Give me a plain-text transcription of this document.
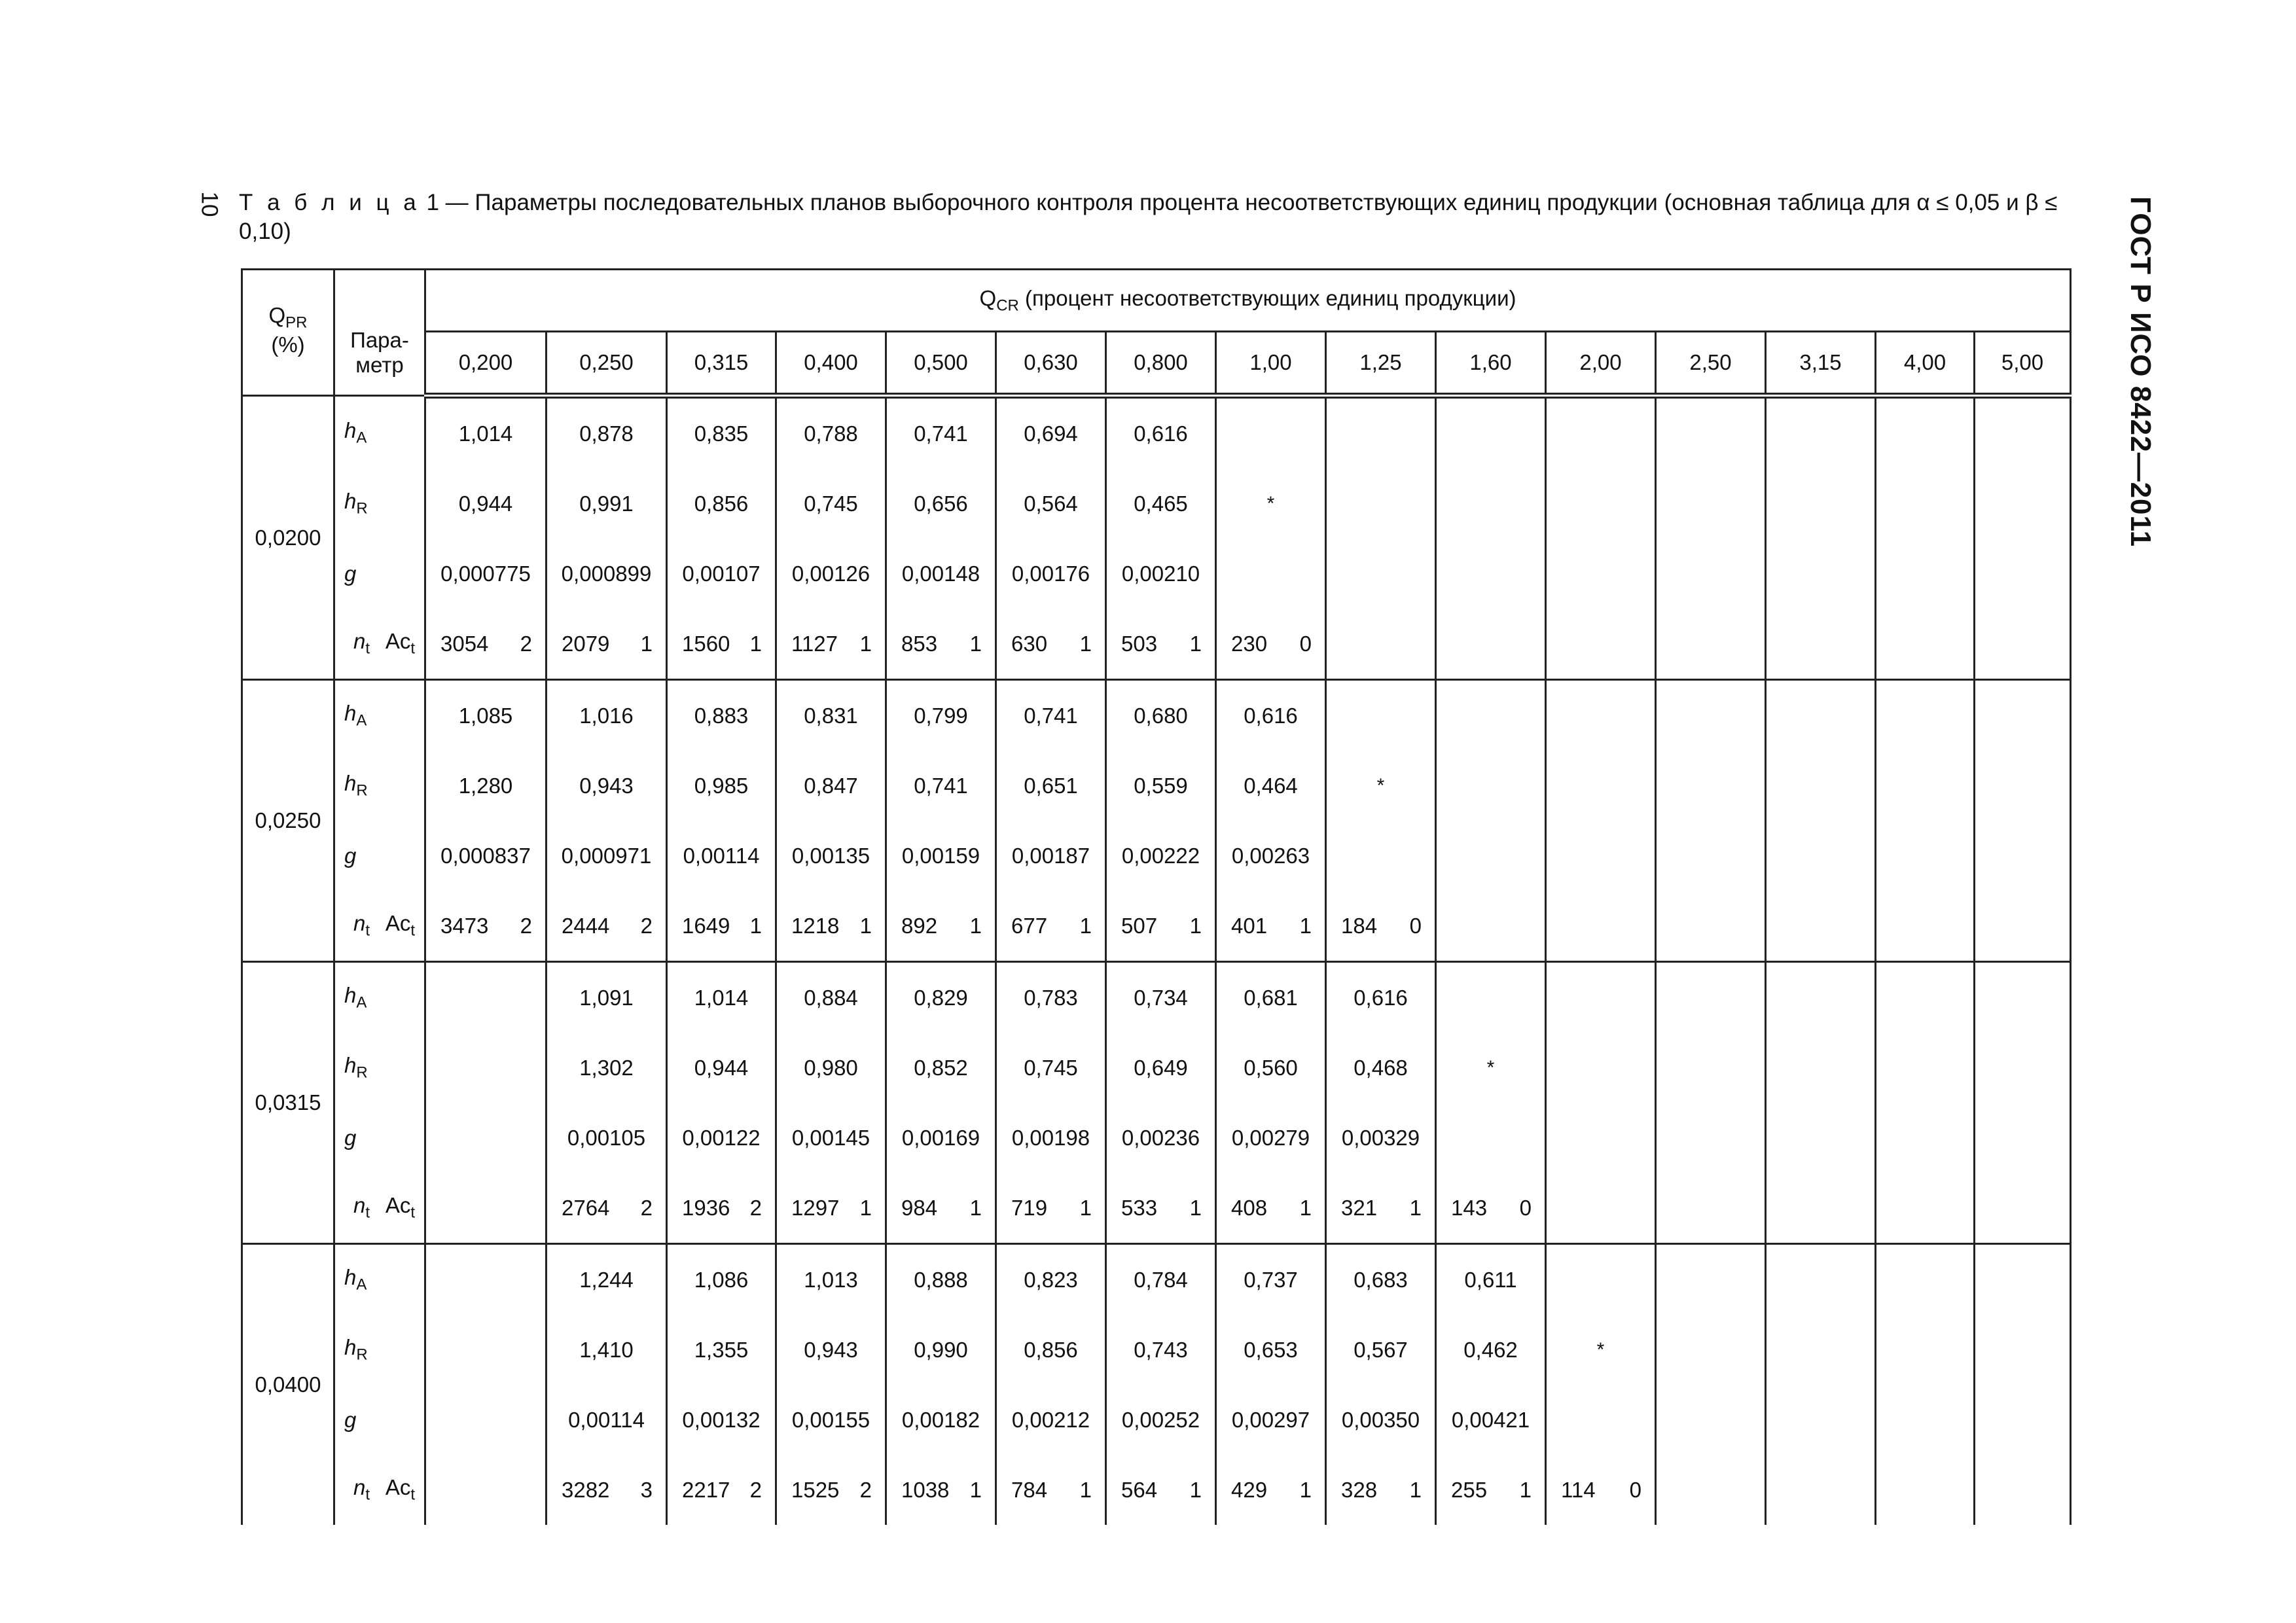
10	ГОСТ Р ИСО 8422—2011
Т а б л и ц а 1 — Параметры последовательных планов выборочного контроля процента несоответствующих единиц продукции (основная таблица для α ≤ 0,05 и β ≤ 0,10)
$Q_{PR}$
(%)	Пара-
метр	$Q_{CR}$ (процент несоответствующих единиц продукции)														
		0,200	0,250	0,315	0,400	0,500	0,630	0,800	1,00	1,25	1,60	2,00	2,50	3,15	4,00	5,00
0,0200	$h_A$	1,014	0,878	0,835	0,788	0,741	0,694	0,616								
	$h_R$	0,944	0,991	0,856	0,745	0,656	0,564	0,465	*							
	g	0,000775	0,000899	0,00107	0,00126	0,00148	0,00176	0,00210								

	$n_t$ $Ac_t$	3054 2	2079 1	1560 1	1127 1	853 1	630 1	503 1	230 0							

0,0250	$h_A$	1,085	1,016	0,883	0,831	0,799	0,741	0,680	0,616							
	$h_R$	1,280	0,943	0,985	0,847	0,741	0,651	0,559	0,464	*						
	g	0,000837	0,000971	0,00114	0,00135	0,00159	0,00187	0,00222	0,00263							

	$n_t$ $Ac_t$	3473 2	2444 2	1649 1	1218 1	892 1	677 1	507 1	401 1	184 0						

0,0315	$h_A$		1,091	1,014	0,884	0,829	0,783	0,734	0,681	0,616						
	$h_R$		1,302	0,944	0,980	0,852	0,745	0,649	0,560	0,468	*					
	g		0,00105	0,00122	0,00145	0,00169	0,00198	0,00236	0,00279	0,00329						

	$n_t$ $Ac_t$		2764 2	1936 2	1297 1	984 1	719 1	533 1	408 1	321 1	143 0					

0,0400	$h_A$		1,244	1,086	1,013	0,888	0,823	0,784	0,737	0,683	0,611					
	$h_R$		1,410	1,355	0,943	0,990	0,856	0,743	0,653	0,567	0,462	*				
	g		0,00114	0,00132	0,00155	0,00182	0,00212	0,00252	0,00297	0,00350	0,00421					

	$n_t$ $Ac_t$		3282 3	2217 2	1525 2	1038 1	784 1	564 1	429 1	328 1	255 1	114 0				
